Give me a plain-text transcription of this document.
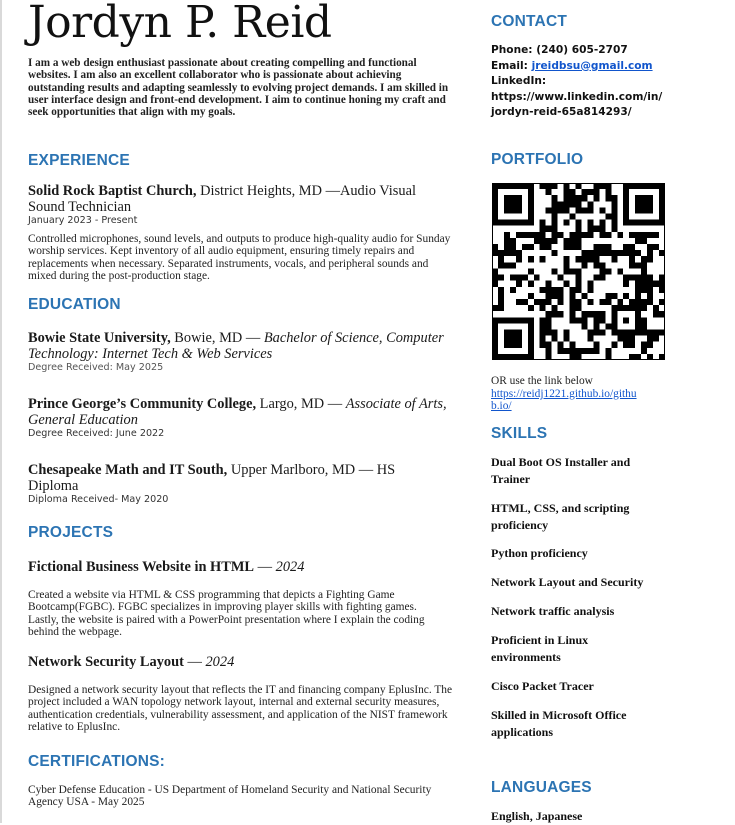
Jordyn P. Reid
I am a web design enthusiast passionate about creating compelling and functional websites. I am also an excellent collaborator who is passionate about achieving outstanding results and adapting seamlessly to evolving project demands. I am skilled in user interface design and front-end development. I aim to continue honing my craft and seek opportunities that align with my goals.
EXPERIENCE
Solid Rock Baptist Church, District Heights, MD —Audio Visual Sound Technician
January 2023 - Present
Controlled microphones, sound levels, and outputs to produce high-quality audio for Sunday worship services. Kept inventory of all audio equipment, ensuring timely repairs and replacements when necessary. Separated instruments, vocals, and peripheral sounds and mixed during the post-production stage.
EDUCATION
Bowie State University, Bowie, MD — Bachelor of Science, Computer Technology: Internet Tech & Web Services
Degree Received: May 2025
Prince George’s Community College, Largo, MD — Associate of Arts, General Education
Degree Received: June 2022
Chesapeake Math and IT South, Upper Marlboro, MD — HS Diploma
Diploma Received- May 2020
PROJECTS
Fictional Business Website in HTML — 2024
Created a website via HTML & CSS programming that depicts a Fighting Game Bootcamp(FGBC). FGBC specializes in improving player skills with fighting games. Lastly, the website is paired with a PowerPoint presentation where I explain the coding behind the webpage.
Network Security Layout — 2024
Designed a network security layout that reflects the IT and financing company EplusInc. The project included a WAN topology network layout, internal and external security measures, authentication credentials, vulnerability assessment, and application of the NIST framework relative to EplusInc.
CERTIFICATIONS:
Cyber Defense Education - US Department of Homeland Security and National Security Agency USA - May 2025
CONTACT
Phone: (240) 605-2707
Email: jreidbsu@gmail.com
LinkedIn:
https://www.linkedin.com/in/
jordyn-reid-65a814293/
PORTFOLIO
OR use the link below
https://reidj1221.github.io/githu
b.io/
SKILLS
Dual Boot OS Installer and Trainer
HTML, CSS, and scripting proficiency
Python proficiency
Network Layout and Security
Network traffic analysis
Proficient in Linux environments
Cisco Packet Tracer
Skilled in Microsoft Office applications
LANGUAGES
English, Japanese
